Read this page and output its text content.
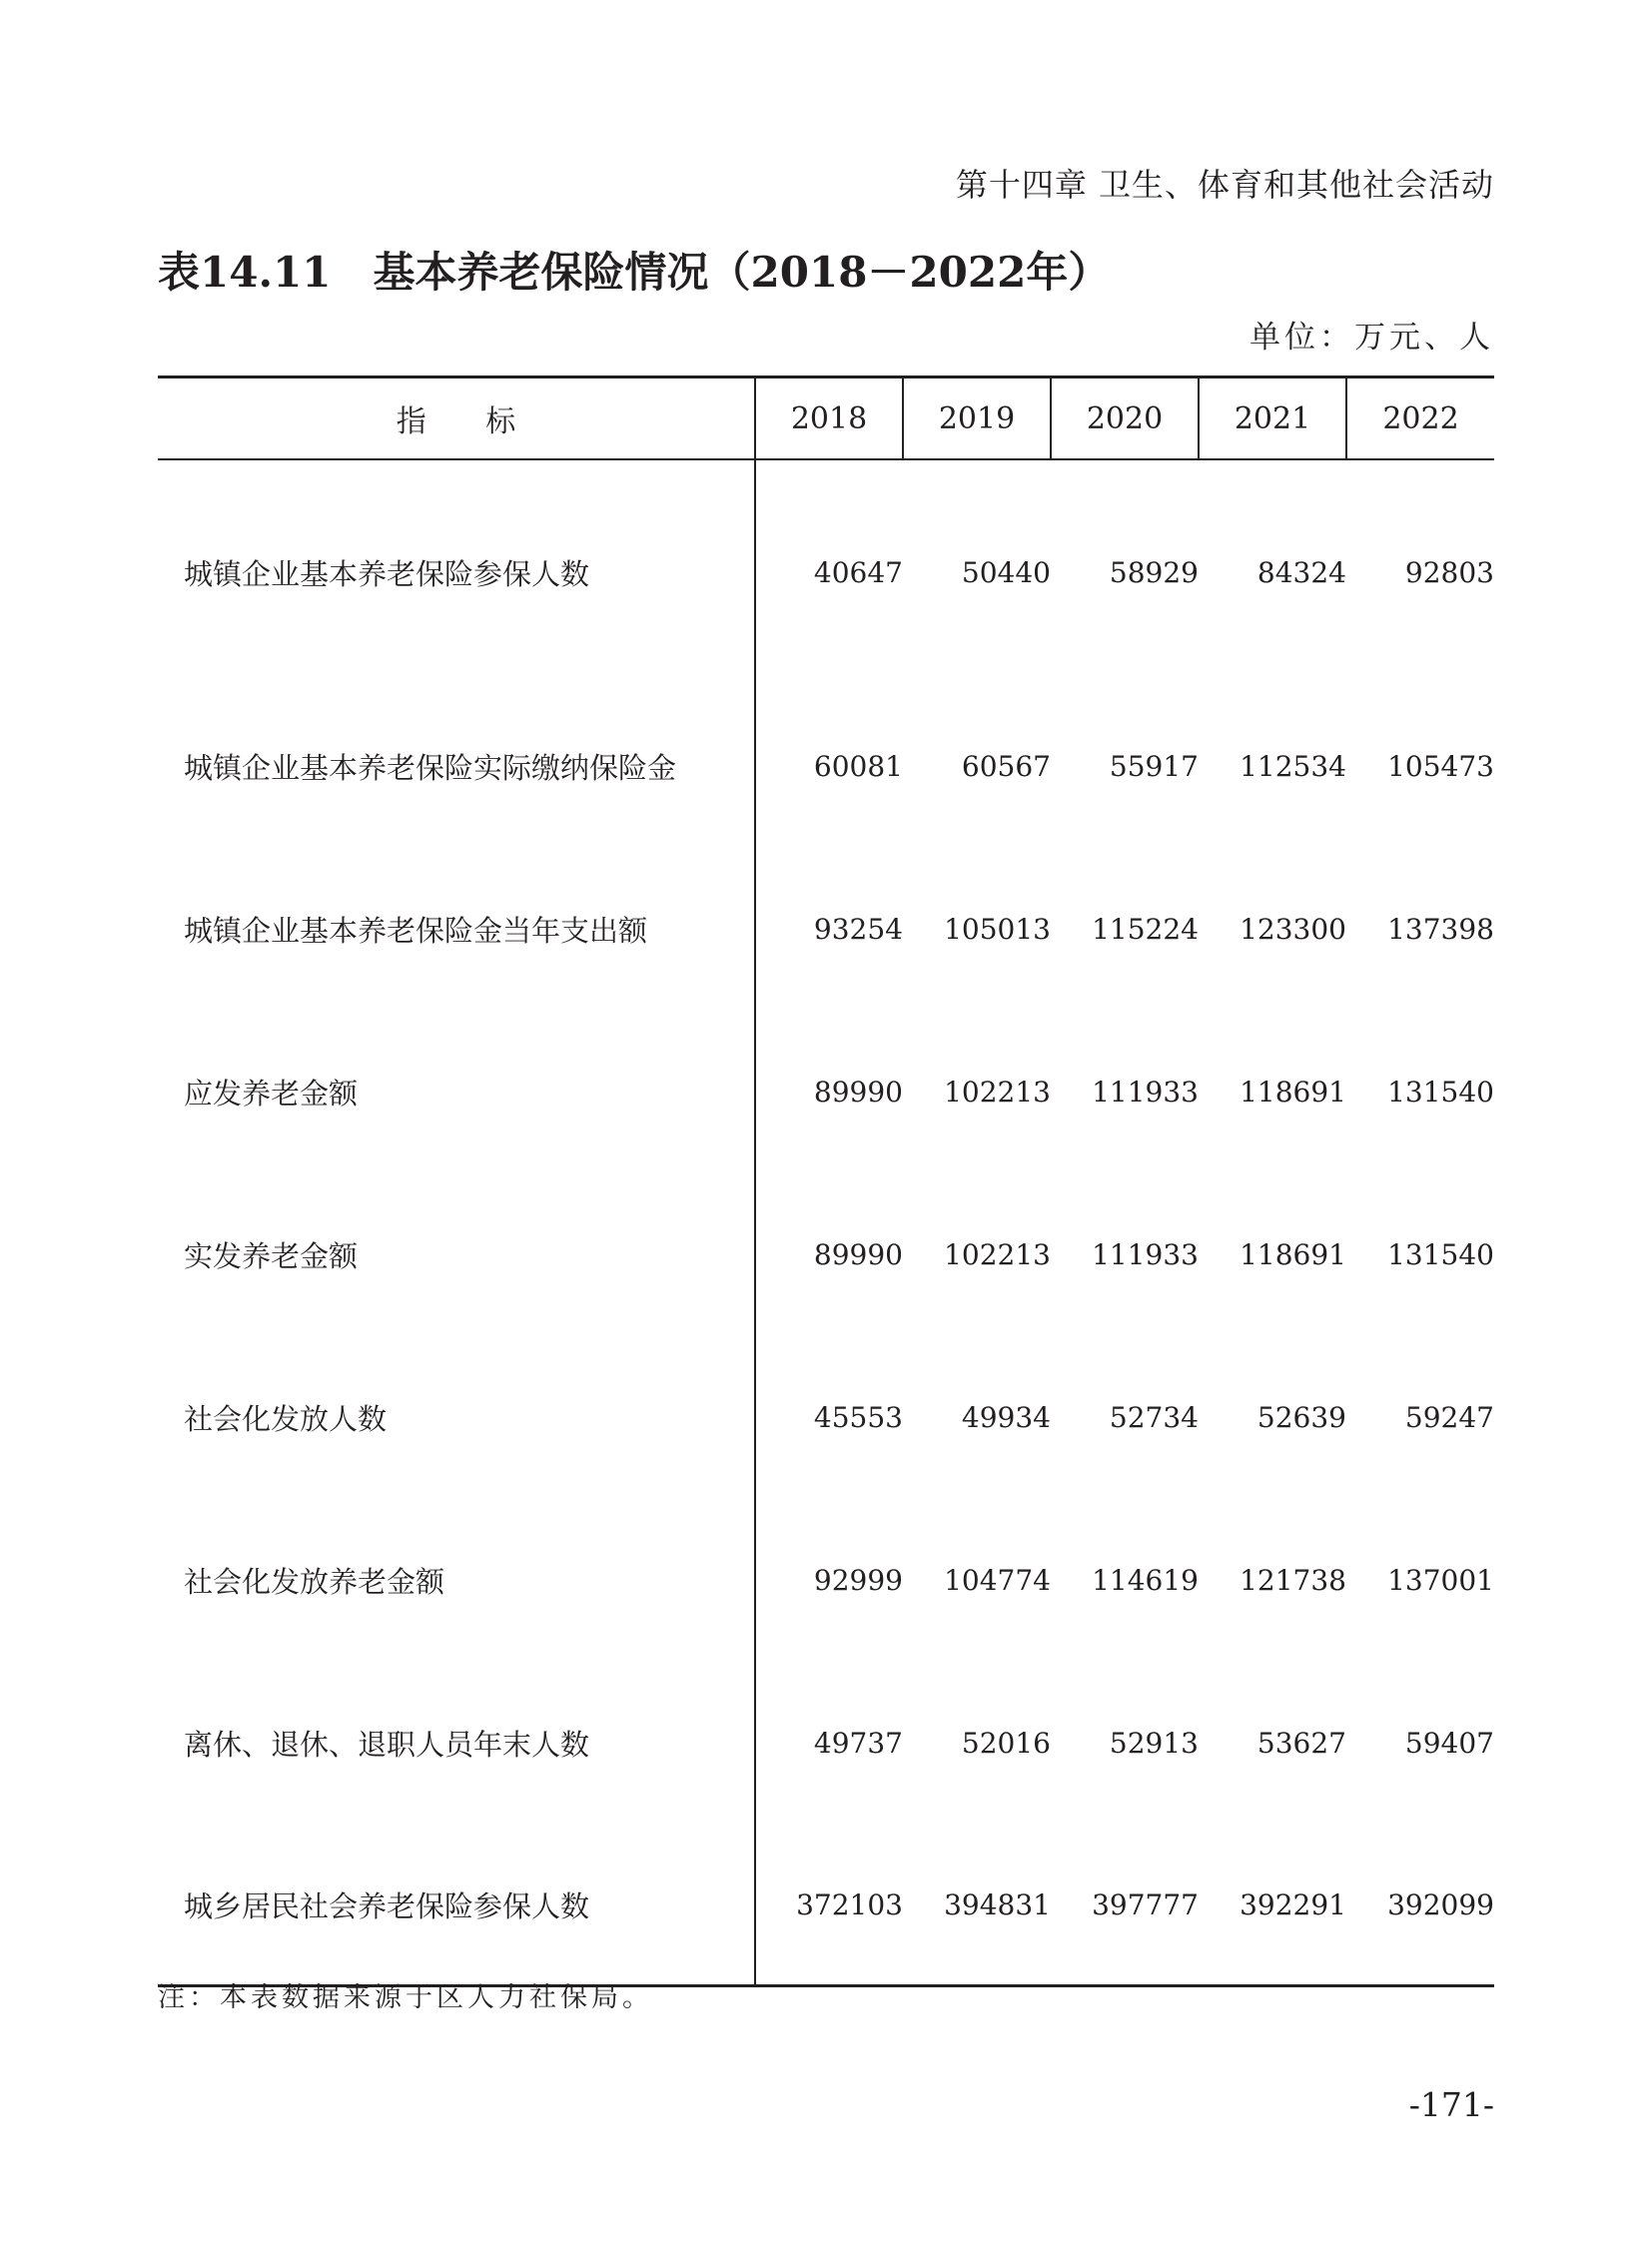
第十四章 卫生、体育和其他社会活动
表14.11 基本养老保险情况（2018－2022年）
单位：万元、人
指 标	2018	2019	2020	2021	2022
城镇企业基本养老保险参保人数	40647	50440	58929	84324	92803
城镇企业基本养老保险实际缴纳保险金	60081	60567	55917	112534	105473
城镇企业基本养老保险金当年支出额	93254	105013	115224	123300	137398
应发养老金额	89990	102213	111933	118691	131540
实发养老金额	89990	102213	111933	118691	131540
社会化发放人数	45553	49934	52734	52639	59247
社会化发放养老金额	92999	104774	114619	121738	137001
离休、退休、退职人员年末人数	49737	52016	52913	53627	59407
城乡居民社会养老保险参保人数	372103	394831	397777	392291	392099
注：本表数据来源于区人力社保局。
-171-
